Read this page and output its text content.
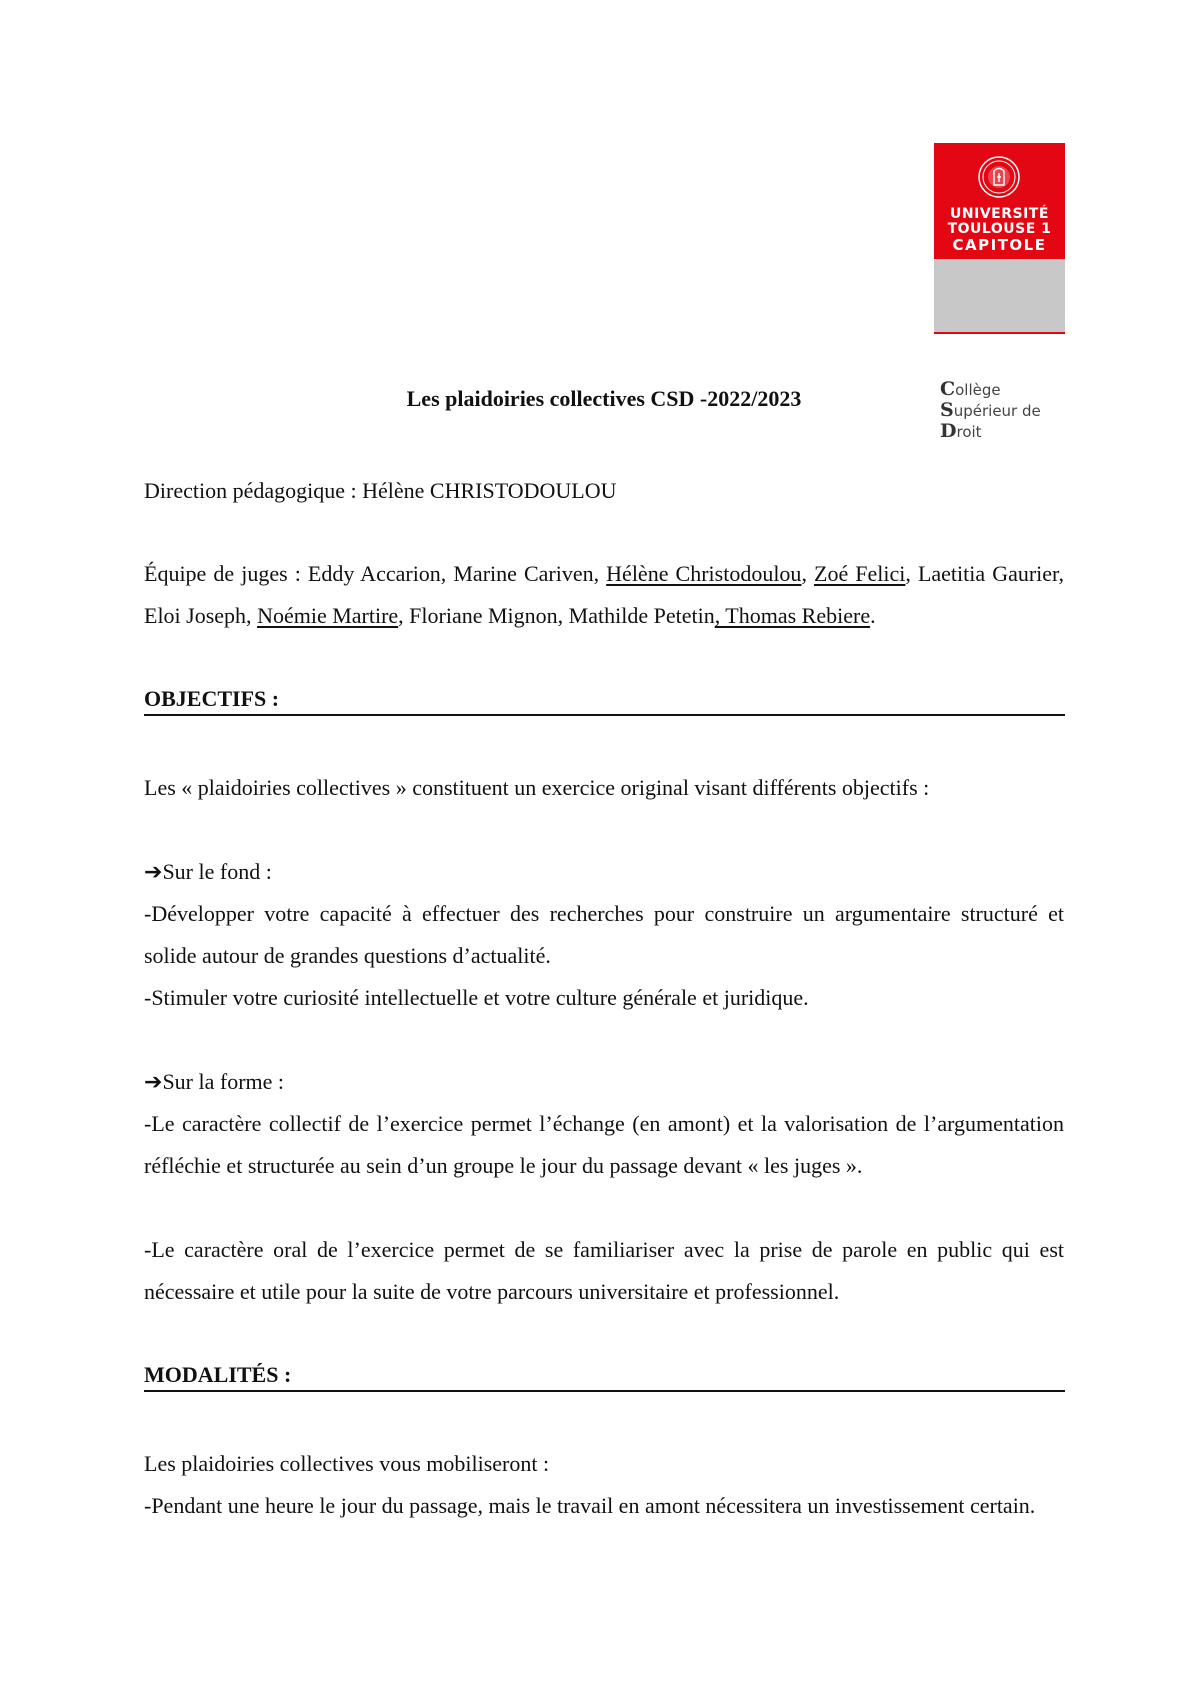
UNIVERSITÉ
TOULOUSE 1
CAPITOLE
Collège
Supérieur de
Droit
Les plaidoiries collectives CSD -2022/2023
Direction pédagogique : Hélène CHRISTODOULOU
Équipe de juges : Eddy Accarion, Marine Cariven, Hélène Christodoulou, Zoé Felici, Laetitia Gaurier, Eloi Joseph, Noémie Martire, Floriane Mignon, Mathilde Petetin, Thomas Rebiere.
OBJECTIFS :
Les « plaidoiries collectives » constituent un exercice original visant différents objectifs :
➔Sur le fond :
-Développer votre capacité à effectuer des recherches pour construire un argumentaire structuré et solide autour de grandes questions d’actualité.
-Stimuler votre curiosité intellectuelle et votre culture générale et juridique.
➔Sur la forme :
-Le caractère collectif de l’exercice permet l’échange (en amont) et la valorisation de l’argumentation réfléchie et structurée au sein d’un groupe le jour du passage devant « les juges ».
-Le caractère oral de l’exercice permet de se familiariser avec la prise de parole en public qui est nécessaire et utile pour la suite de votre parcours universitaire et professionnel.
MODALITÉS :
Les plaidoiries collectives vous mobiliseront :
-Pendant une heure le jour du passage, mais le travail en amont nécessitera un investissement certain.
